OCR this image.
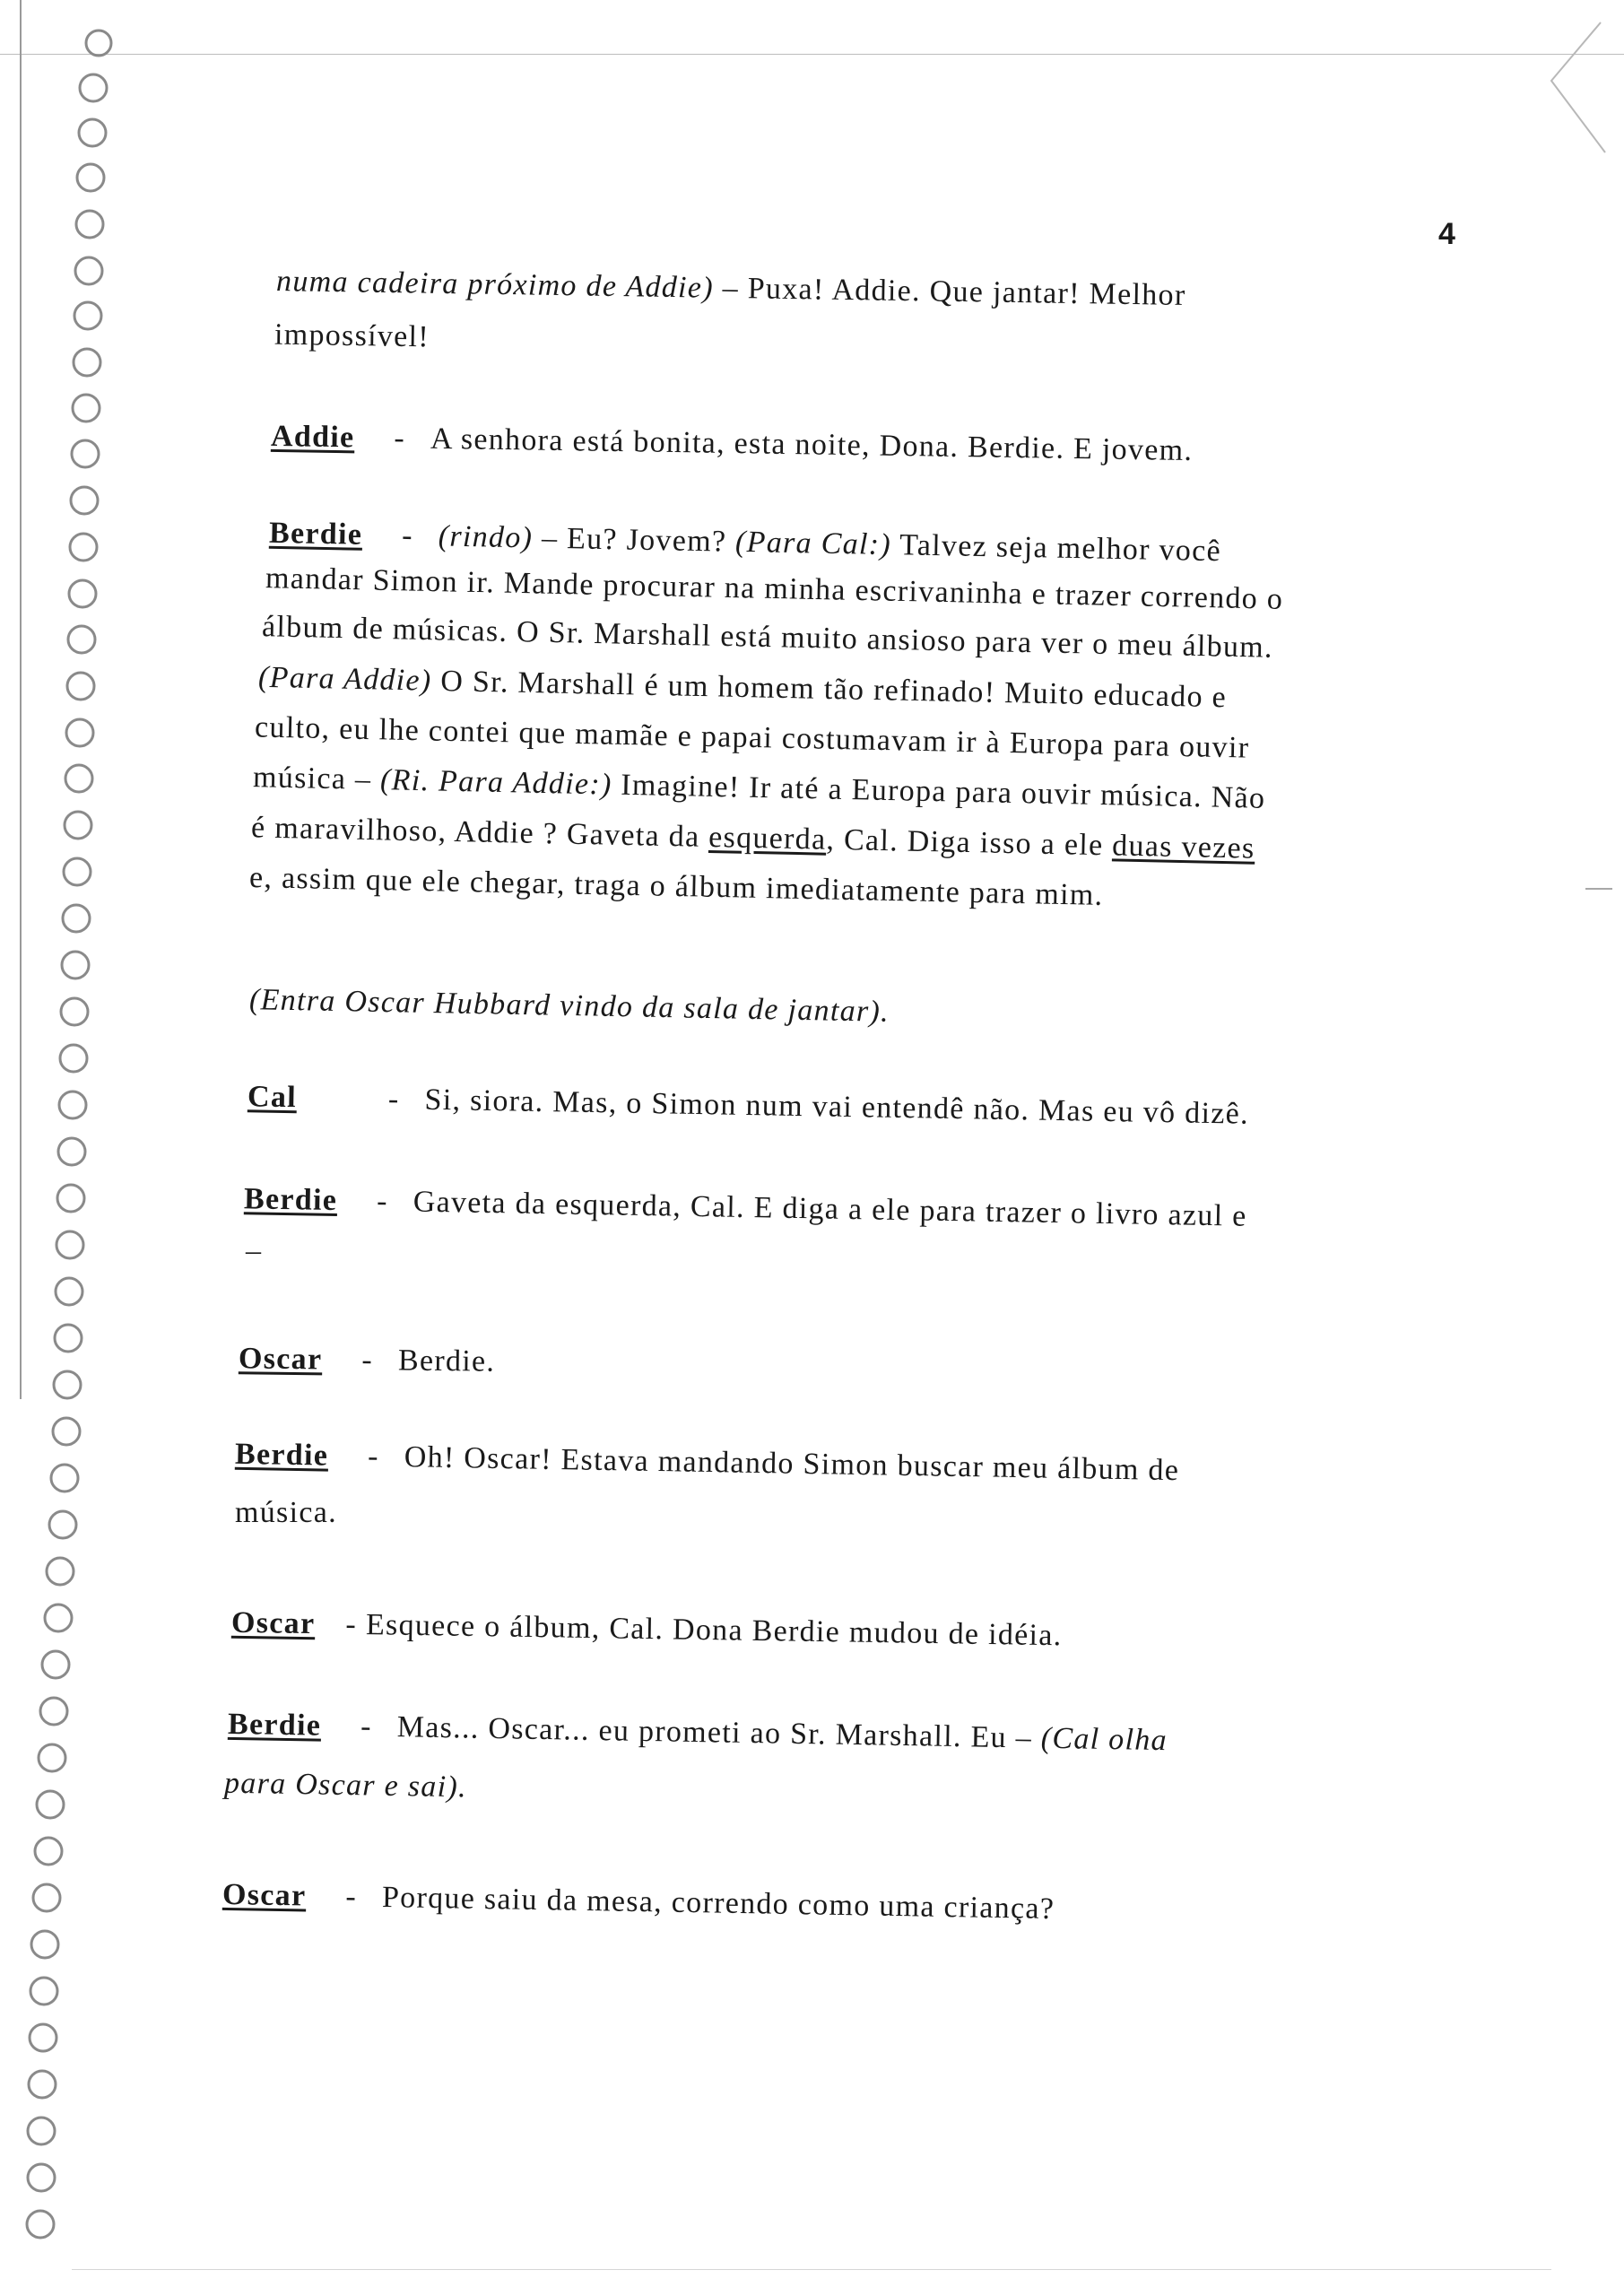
4
numa cadeira próximo de Addie) – Puxa! Addie. Que jantar! Melhor
impossível!
Addie - A senhora está bonita, esta noite, Dona. Berdie. E jovem.
Berdie - (rindo) – Eu? Jovem? (Para Cal:) Talvez seja melhor você
mandar Simon ir. Mande procurar na minha escrivaninha e trazer correndo o
álbum de músicas. O Sr. Marshall está muito ansioso para ver o meu álbum.
(Para Addie) O Sr. Marshall é um homem tão refinado! Muito educado e
culto, eu lhe contei que mamãe e papai costumavam ir à Europa para ouvir
música – (Ri. Para Addie:) Imagine! Ir até a Europa para ouvir música. Não
é maravilhoso, Addie ? Gaveta da esquerda, Cal. Diga isso a ele duas vezes
e, assim que ele chegar, traga o álbum imediatamente para mim.
(Entra Oscar Hubbard vindo da sala de jantar).
Cal	- Si, siora. Mas, o Simon num vai entendê não. Mas eu vô dizê.
Berdie - Gaveta da esquerda, Cal. E diga a ele para trazer o livro azul e
–
Oscar - Berdie.
Berdie - Oh! Oscar! Estava mandando Simon buscar meu álbum de
música.
Oscar - Esquece o álbum, Cal. Dona Berdie mudou de idéia.
Berdie - Mas... Oscar... eu prometi ao Sr. Marshall. Eu – (Cal olha
para Oscar e sai).
Oscar - Porque saiu da mesa, correndo como uma criança?
